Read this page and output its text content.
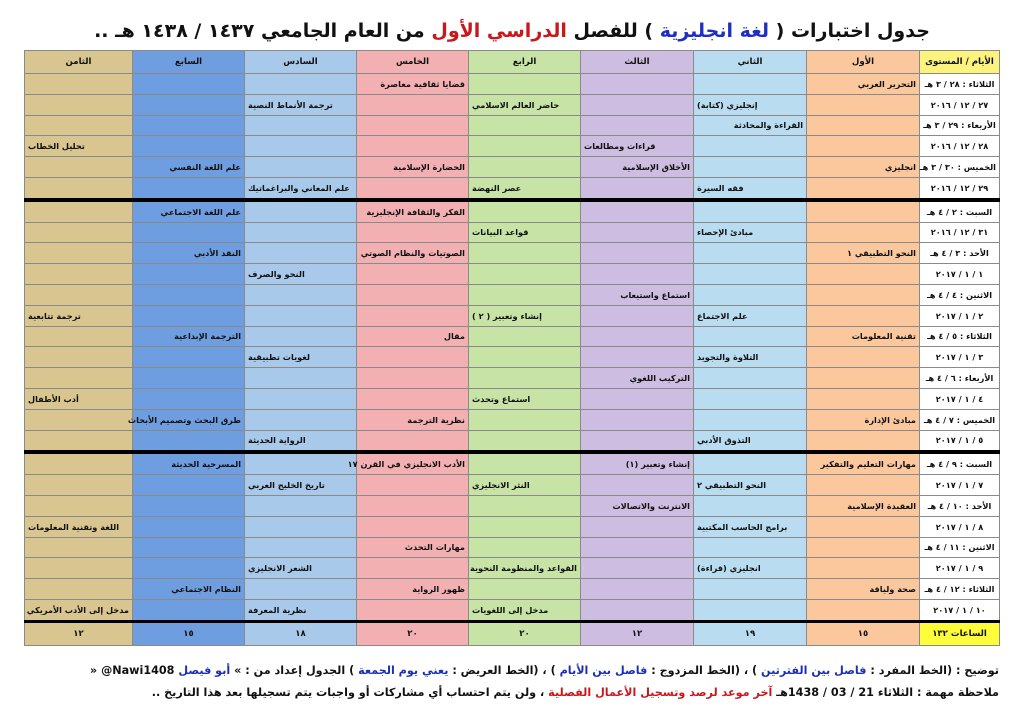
جدول اختبارات ( لغة انجليزية ) للفصل الدراسي الأول من العام الجامعي ١٤٣٧ / ١٤٣٨ هـ ..
الأيام / المستوى	الأول	الثاني	الثالث	الرابع	الخامس	السادس	السابع	الثامن
الثلاثاء : ٢٨ / ٣ هـ	التحرير العربي				قضايا ثقافية معاصرة			
٢٧ / ١٢ / ٢٠١٦		إنجليزي (كتابة)		حاضر العالم الاسلامي		ترجمة الأنماط النصية		
الأربعاء : ٢٩ / ٣ هـ		القراءة والمحادثة						
٢٨ / ١٢ / ٢٠١٦			قراءات ومطالعات					تحليل الخطاب
الخميس : ٣٠ / ٣ هـ	انجليزي		الأخلاق الإسلامية		الحضارة الإسلامية		علم اللغة النفسي	
٢٩ / ١٢ / ٢٠١٦		فقه السيرة		عصر النهضة		علم المعاني والبراغماتيك		
السبت : ٢ / ٤ هـ					الفكر والثقافة الإنجليزية		علم اللغة الاجتماعي	
٣١ / ١٢ / ٢٠١٦		مبادئ الإحصاء		قواعد البيانات				
الأحد : ٣ / ٤ هـ	النحو التطبيقي ١				الصوتيات والنظام الصوتي		النقد الأدبي	
١ / ١ / ٢٠١٧						النحو والصرف		
الاثنين : ٤ / ٤ هـ			استماع واستيعاب					
٢ / ١ / ٢٠١٧		علم الاجتماع		إنشاء وتعبير ( ٢ )				ترجمة تتابعية
الثلاثاء : ٥ / ٤ هـ	تقنية المعلومات				مقال		الترجمة الإبداعية	
٣ / ١ / ٢٠١٧		التلاوة والتجويد				لغويات تطبيقية		
الأربعاء : ٦ / ٤ هـ			التركيب اللغوي					
٤ / ١ / ٢٠١٧				استماع وتحدث				أدب الأطفال
الخميس : ٧ / ٤ هـ	مبادئ الإدارة				نظرية الترجمة		طرق البحث وتصميم الأبحاث	
٥ / ١ / ٢٠١٧		التذوق الأدبي				الرواية الحديثة		
السبت : ٩ / ٤ هـ	مهارات التعليم والتفكير		إنشاء وتعبير (١)		الأدب الانجليزي في القرن ١٧		المسرحية الحديثة	
٧ / ١ / ٢٠١٧		النحو التطبيقي ٢		النثر الانجليزي		تاريخ الخليج العربي		
الأحد : ١٠ / ٤ هـ	العقيدة الإسلامية		الانترنت والاتصالات					
٨ / ١ / ٢٠١٧		برامج الحاسب المكتبية						اللغة وتقنية المعلومات
الاثنين : ١١ / ٤ هـ					مهارات التحدث			
٩ / ١ / ٢٠١٧		انجليزي (قراءة)		القواعد والمنظومة النحوية		الشعر الانجليزي		
الثلاثاء : ١٢ / ٤ هـ	صحة ولياقة				ظهور الرواية		النظام الاجتماعي	
١٠ / ١ / ٢٠١٧				مدخل إلى اللغويات		نظرية المعرفة		مدخل إلى الأدب الأمريكي
الساعات ١٣٢	١٥	١٩	١٢	٢٠	٢٠	١٨	١٥	١٢
توضيح : (الخط المفرد : فاصل بين الفترتين ) ، (الخط المزدوج : فاصل بين الأيام ) ، (الخط العريض : يعني يوم الجمعة ) الجدول إعداد من : » أبو فيصل @Nawi1408 «
ملاحظة مهمة : الثلاثاء 21 / 03 / 1438هـ آخر موعد لرصد وتسجيل الأعمال الفصلية ، ولن يتم احتساب أي مشاركات أو واجبات يتم تسجيلها بعد هذا التاريخ ..
